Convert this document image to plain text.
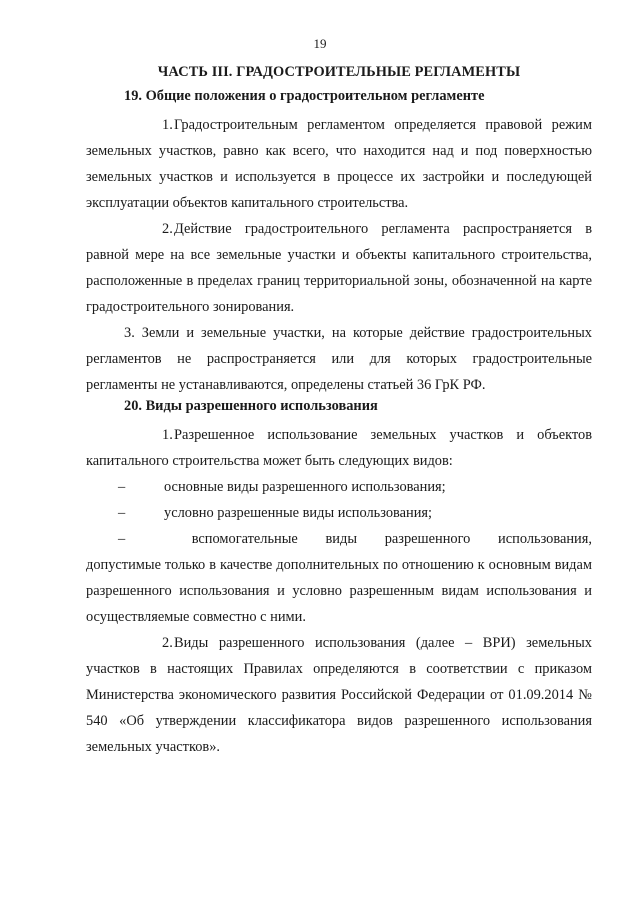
19
ЧАСТЬ III. ГРАДОСТРОИТЕЛЬНЫЕ РЕГЛАМЕНТЫ
19. Общие положения о градостроительном регламенте

1.Градостроительным регламентом определяется правовой режим земельных участков, равно как всего, что находится над и под поверхностью земельных участков и используется в процессе их застройки и последующей эксплуатации объектов капитального строительства.

2.Действие градостроительного регламента распространяется в равной мере на все земельные участки и объекты капитального строительства, расположенные в пределах границ территориальной зоны, обозначенной на карте градостроительного зонирования.

3. Земли и земельные участки, на которые действие градостроительных регламентов не распространяется или для которых градостроительные регламенты не устанавливаются, определены статьей 36 ГрК РФ.

20. Виды разрешенного использования

1.Разрешенное использование земельных участков и объектов капитального строительства может быть следующих видов:

–	основные виды разрешенного использования;

–	условно разрешенные виды использования;

–	вспомогательные виды разрешенного использования,
допустимые только в качестве дополнительных по отношению к основным видам разрешенного использования и условно разрешенным видам использования и осуществляемые совместно с ними.

2.Виды разрешенного использования (далее – ВРИ) земельных участков в настоящих Правилах определяются в соответствии с приказом Министерства экономического развития Российской Федерации от 01.09.2014 № 540 «Об утверждении классификатора видов разрешенного использования земельных участков».
